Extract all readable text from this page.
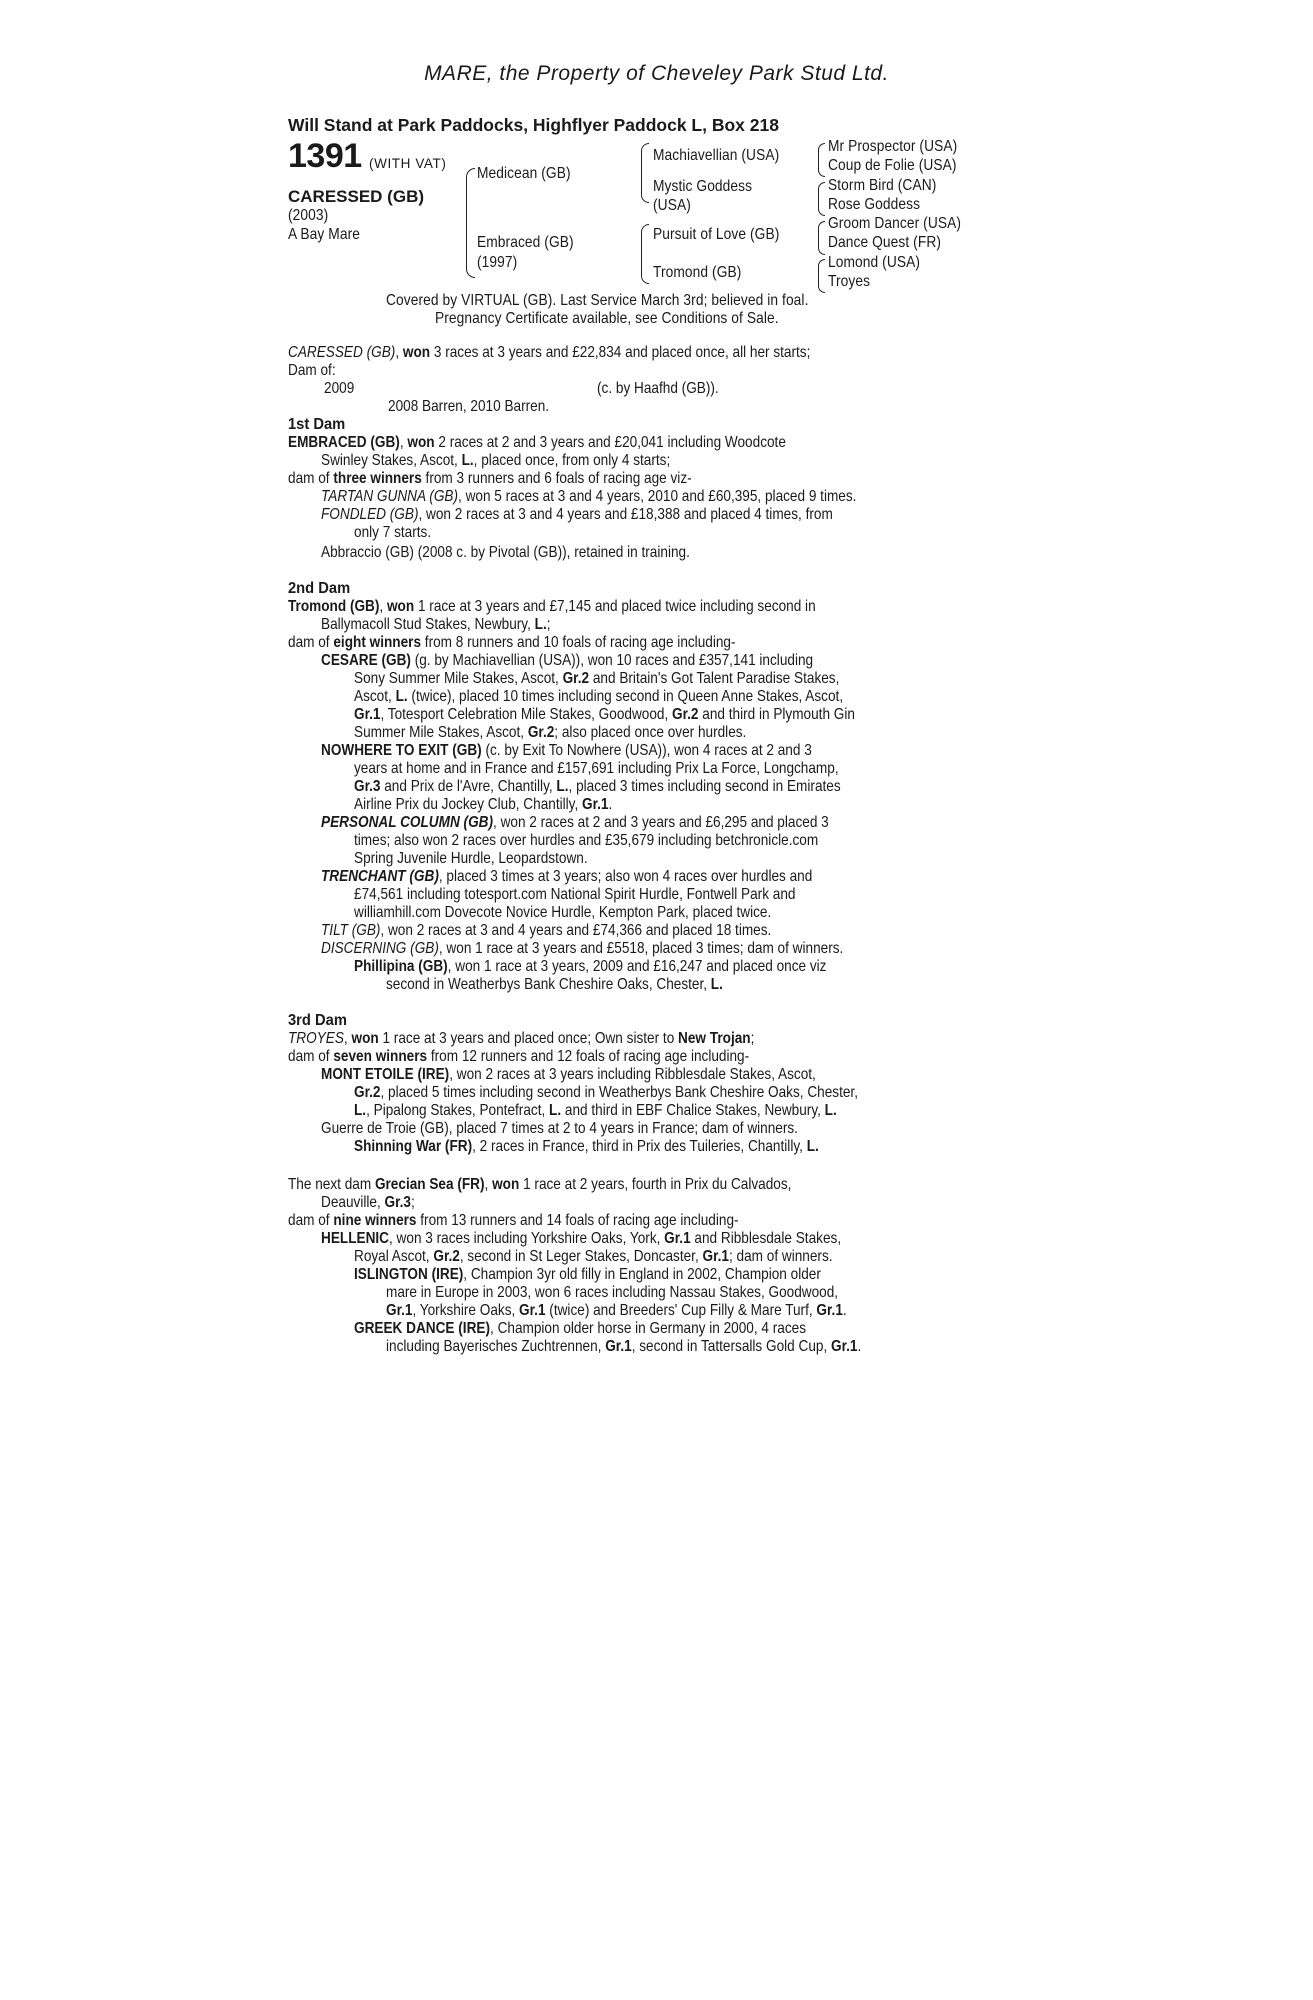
MARE, the Property of Cheveley Park Stud Ltd.
Will Stand at Park Paddocks, Highflyer Paddock L, Box 218
1391 (WITH VAT)
CARESSED (GB)
(2003)
A Bay Mare
Medicean (GB)
Embraced (GB)
(1997)
Machiavellian (USA)
Mystic Goddess
(USA)
Pursuit of Love (GB)
Tromond (GB)
Mr Prospector (USA)
Coup de Folie (USA)
Storm Bird (CAN)
Rose Goddess
Groom Dancer (USA)
Dance Quest (FR)
Lomond (USA)
Troyes
Covered by VIRTUAL (GB). Last Service March 3rd; believed in foal.
Pregnancy Certificate available, see Conditions of Sale.
CARESSED (GB), won 3 races at 3 years and £22,834 and placed once, all her starts;
Dam of:
2009	(c. by Haafhd (GB)).
2008 Barren, 2010 Barren.
1st Dam
EMBRACED (GB), won 2 races at 2 and 3 years and £20,041 including Woodcote
Swinley Stakes, Ascot, L., placed once, from only 4 starts;
dam of three winners from 3 runners and 6 foals of racing age viz-
TARTAN GUNNA (GB), won 5 races at 3 and 4 years, 2010 and £60,395, placed 9 times.
FONDLED (GB), won 2 races at 3 and 4 years and £18,388 and placed 4 times, from
only 7 starts.
Abbraccio (GB) (2008 c. by Pivotal (GB)), retained in training.
2nd Dam
Tromond (GB), won 1 race at 3 years and £7,145 and placed twice including second in
Ballymacoll Stud Stakes, Newbury, L.;
dam of eight winners from 8 runners and 10 foals of racing age including-
CESARE (GB) (g. by Machiavellian (USA)), won 10 races and £357,141 including
Sony Summer Mile Stakes, Ascot, Gr.2 and Britain's Got Talent Paradise Stakes,
Ascot, L. (twice), placed 10 times including second in Queen Anne Stakes, Ascot,
Gr.1, Totesport Celebration Mile Stakes, Goodwood, Gr.2 and third in Plymouth Gin
Summer Mile Stakes, Ascot, Gr.2; also placed once over hurdles.
NOWHERE TO EXIT (GB) (c. by Exit To Nowhere (USA)), won 4 races at 2 and 3
years at home and in France and £157,691 including Prix La Force, Longchamp,
Gr.3 and Prix de l'Avre, Chantilly, L., placed 3 times including second in Emirates
Airline Prix du Jockey Club, Chantilly, Gr.1.
PERSONAL COLUMN (GB), won 2 races at 2 and 3 years and £6,295 and placed 3
times; also won 2 races over hurdles and £35,679 including betchronicle.com
Spring Juvenile Hurdle, Leopardstown.
TRENCHANT (GB), placed 3 times at 3 years; also won 4 races over hurdles and
£74,561 including totesport.com National Spirit Hurdle, Fontwell Park and
williamhill.com Dovecote Novice Hurdle, Kempton Park, placed twice.
TILT (GB), won 2 races at 3 and 4 years and £74,366 and placed 18 times.
DISCERNING (GB), won 1 race at 3 years and £5518, placed 3 times; dam of winners.
Phillipina (GB), won 1 race at 3 years, 2009 and £16,247 and placed once viz
second in Weatherbys Bank Cheshire Oaks, Chester, L.
3rd Dam
TROYES, won 1 race at 3 years and placed once; Own sister to New Trojan;
dam of seven winners from 12 runners and 12 foals of racing age including-
MONT ETOILE (IRE), won 2 races at 3 years including Ribblesdale Stakes, Ascot,
Gr.2, placed 5 times including second in Weatherbys Bank Cheshire Oaks, Chester,
L., Pipalong Stakes, Pontefract, L. and third in EBF Chalice Stakes, Newbury, L.
Guerre de Troie (GB), placed 7 times at 2 to 4 years in France; dam of winners.
Shinning War (FR), 2 races in France, third in Prix des Tuileries, Chantilly, L.
The next dam Grecian Sea (FR), won 1 race at 2 years, fourth in Prix du Calvados,
Deauville, Gr.3;
dam of nine winners from 13 runners and 14 foals of racing age including-
HELLENIC, won 3 races including Yorkshire Oaks, York, Gr.1 and Ribblesdale Stakes,
Royal Ascot, Gr.2, second in St Leger Stakes, Doncaster, Gr.1; dam of winners.
ISLINGTON (IRE), Champion 3yr old filly in England in 2002, Champion older
mare in Europe in 2003, won 6 races including Nassau Stakes, Goodwood,
Gr.1, Yorkshire Oaks, Gr.1 (twice) and Breeders' Cup Filly & Mare Turf, Gr.1.
GREEK DANCE (IRE), Champion older horse in Germany in 2000, 4 races
including Bayerisches Zuchtrennen, Gr.1, second in Tattersalls Gold Cup, Gr.1.
